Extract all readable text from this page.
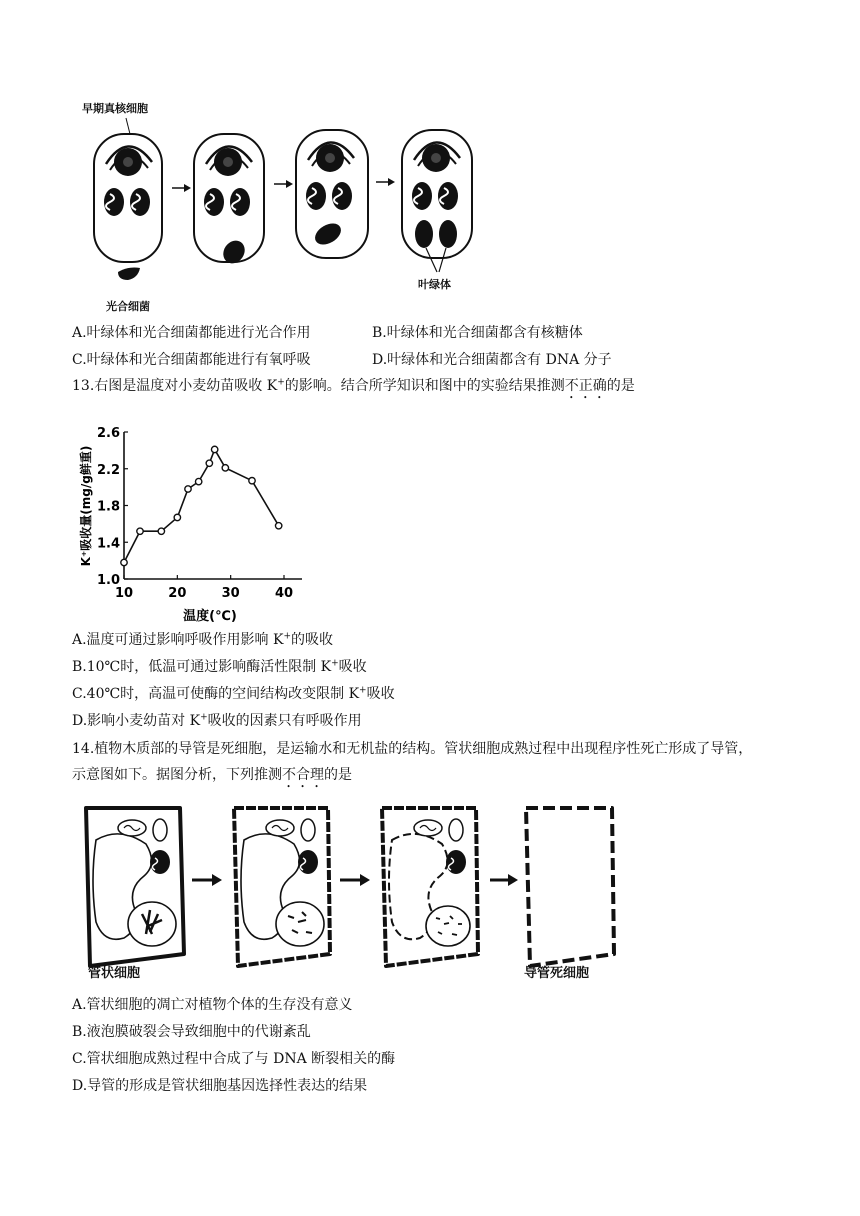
早期真核细胞
光合细菌
叶绿体
A.叶绿体和光合细菌都能进行光合作用	B.叶绿体和光合细菌都含有核糖体
C.叶绿体和光合细菌都能进行有氧呼吸	D.叶绿体和光合细菌都含有 DNA 分子
13.右图是温度对小麦幼苗吸收 K+的影响。结合所学知识和图中的实验结果推测不正确的是
1.0
1.4
1.8
2.2
2.6
10	20	30	40
K⁺吸收量(mg/g鲜重)
温度(℃)
A.温度可通过影响呼吸作用影响 K+的吸收
B.10℃时，低温可通过影响酶活性限制 K+吸收
C.40℃时，高温可使酶的空间结构改变限制 K+吸收
D.影响小麦幼苗对 K+吸收的因素只有呼吸作用
14.植物木质部的导管是死细胞，是运输水和无机盐的结构。管状细胞成熟过程中出现程序性死亡形成了导管，
示意图如下。据图分析，下列推测不合理的是
管状细胞	导管死细胞
A.管状细胞的凋亡对植物个体的生存没有意义
B.液泡膜破裂会导致细胞中的代谢紊乱
C.管状细胞成熟过程中合成了与 DNA 断裂相关的酶
D.导管的形成是管状细胞基因选择性表达的结果
